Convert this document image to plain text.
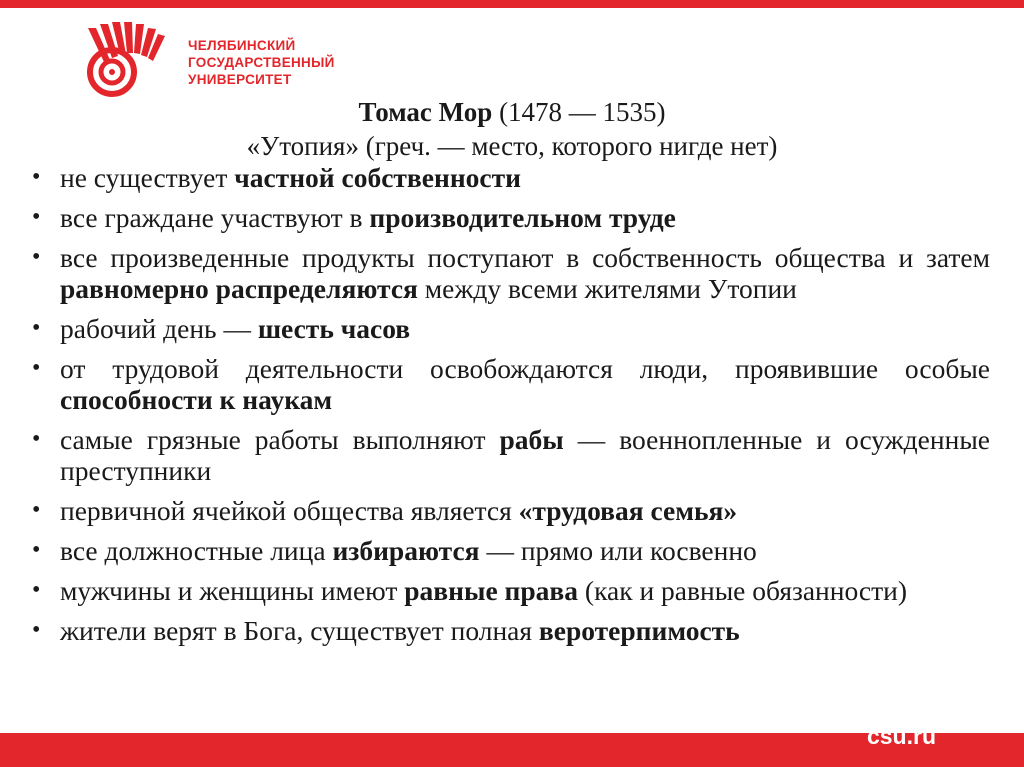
ЧЕЛЯБИНСКИЙ
ГОСУДАРСТВЕННЫЙ
УНИВЕРСИТЕТ
Томас Мор (1478 — 1535)
«Утопия» (греч. — место, которого нигде нет)
• не существует частной собственности
• все граждане участвуют в производительном труде
• все произведенные продукты поступают в собственность общества и затем равномерно распределяются между всеми жителями Утопии
• рабочий день — шесть часов
• от трудовой деятельности освобождаются люди, проявившие особые способности к наукам
• самые грязные работы выполняют рабы — военнопленные и осужденные преступники
• первичной ячейкой общества является «трудовая семья»
• все должностные лица избираются — прямо или косвенно
• мужчины и женщины имеют равные права (как и равные обязанности)
• жители верят в Бога, существует полная веротерпимость
csu.ru
